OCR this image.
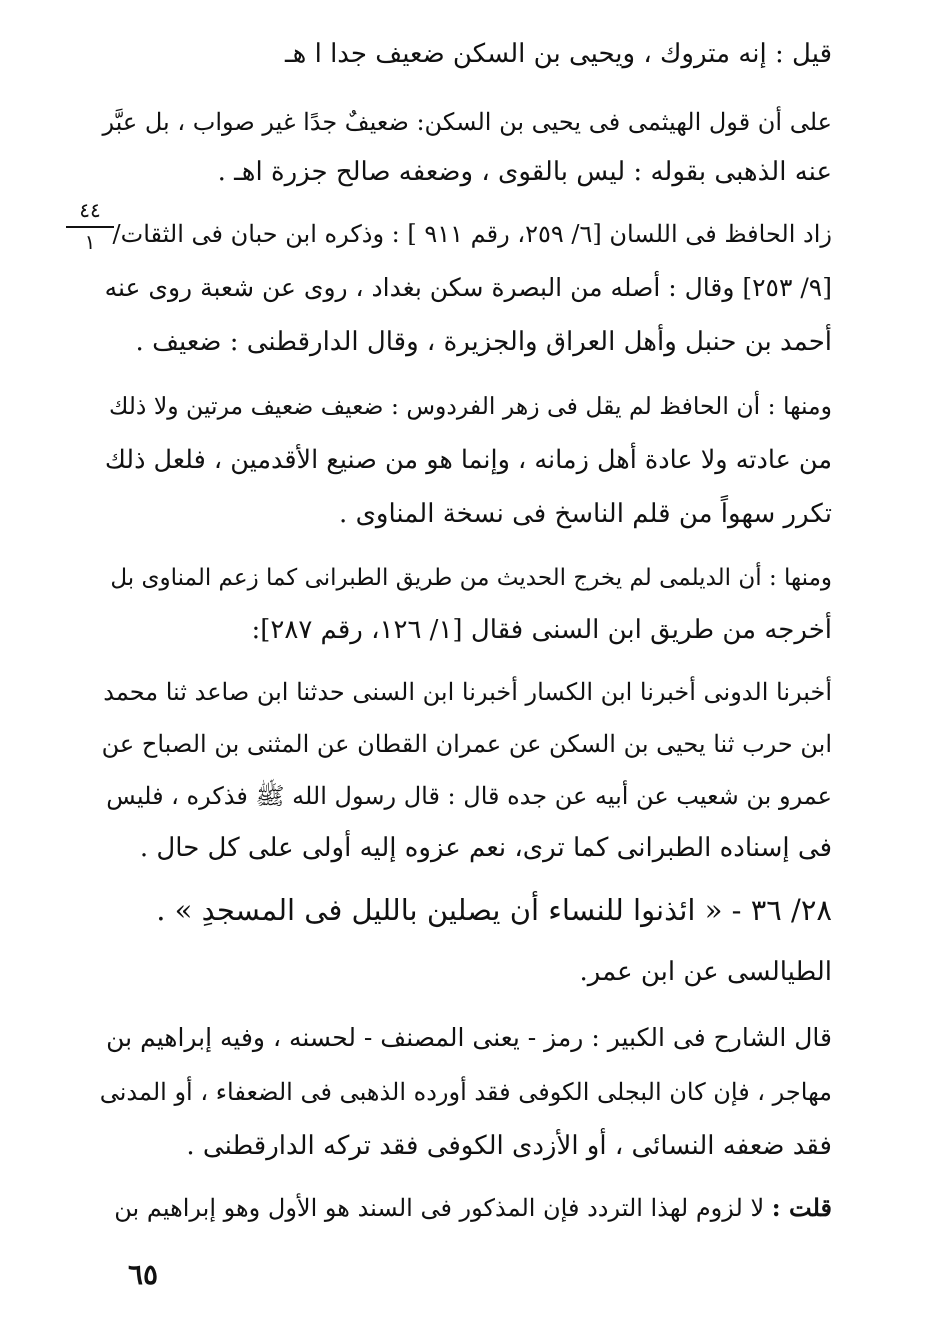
٤٤
١
قيل : إنه متروك ، ويحيى بن السكن ضعيف جدا ا هـ
على أن قول الهيثمى فى يحيى بن السكن: ضعيفٌ جدًا غير صواب ، بل عبَّر
عنه الذهبى بقوله : ليس بالقوى ، وضعفه صالح جزرة اهـ .
زاد الحافظ فى اللسان [٦/ ٢٥٩، رقم ٩١١ ] : وذكره ابن حبان فى الثقات/
[٩/ ٢٥٣] وقال : أصله من البصرة سكن بغداد ، روى عن شعبة روى عنه
أحمد بن حنبل وأهل العراق والجزيرة ، وقال الدارقطنى : ضعيف .
ومنها : أن الحافظ لم يقل فى زهر الفردوس : ضعيف ضعيف مرتين ولا ذلك
من عادته ولا عادة أهل زمانه ، وإنما هو من صنيع الأقدمين ، فلعل ذلك
تكرر سهواً من قلم الناسخ فى نسخة المناوى .
ومنها : أن الديلمى لم يخرج الحديث من طريق الطبرانى كما زعم المناوى بل
أخرجه من طريق ابن السنى فقال [١/ ١٢٦، رقم ٢٨٧]:
أخبرنا الدونى أخبرنا ابن الكسار أخبرنا ابن السنى حدثنا ابن صاعد ثنا محمد
ابن حرب ثنا يحيى بن السكن عن عمران القطان عن المثنى بن الصباح عن
عمرو بن شعيب عن أبيه عن جده قال : قال رسول الله ﷺ فذكره ، فليس
فى إسناده الطبرانى كما ترى، نعم عزوه إليه أولى على كل حال .
٢٨/ ٣٦ - « ائذنوا للنساء أن يصلين بالليل فى المسجدِ » .
الطيالسى عن ابن عمر.
قال الشارح فى الكبير : رمز - يعنى المصنف - لحسنه ، وفيه إبراهيم بن
مهاجر ، فإن كان البجلى الكوفى فقد أورده الذهبى فى الضعفاء ، أو المدنى
فقد ضعفه النسائى ، أو الأزدى الكوفى فقد تركه الدارقطنى .
قلت : لا لزوم لهذا التردد فإن المذكور فى السند هو الأول وهو إبراهيم بن
٦٥
